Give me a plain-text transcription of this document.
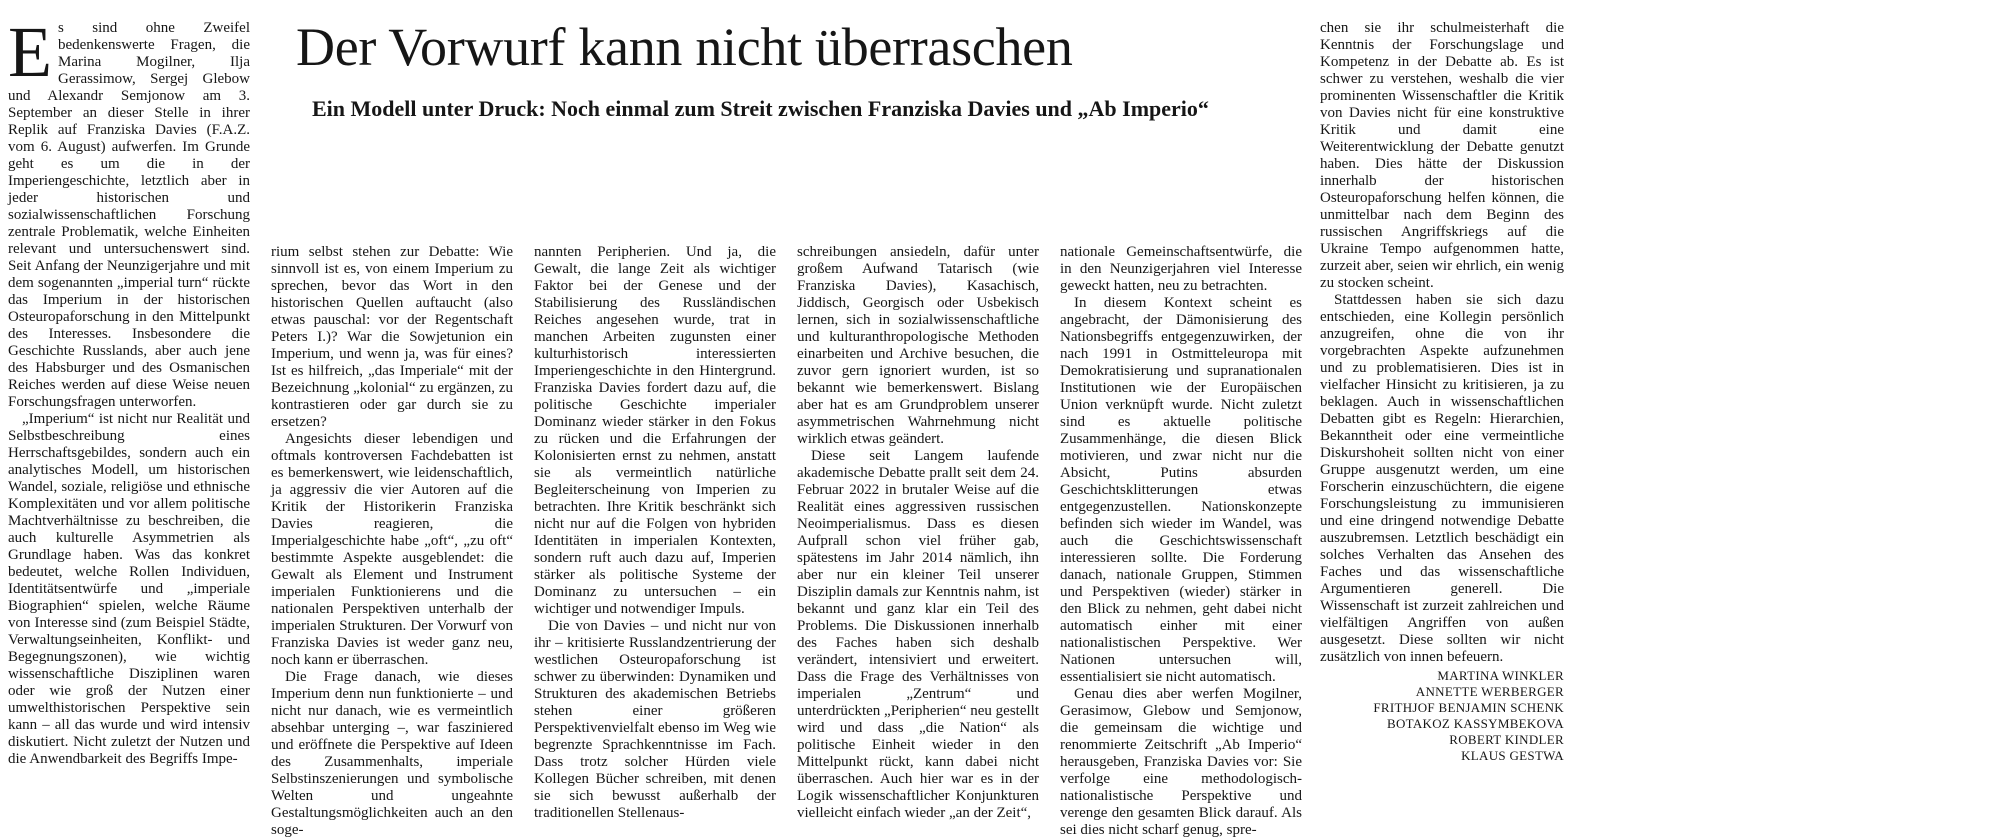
Der Vorwurf kann nicht überraschen
Ein Modell unter Druck: Noch einmal zum Streit zwischen Franziska Davies und „Ab Imperio“
E s sind ohne Zweifel bedenkenswerte Fragen, die Marina Mogilner, Ilja Gerassimow, Sergej Glebow und Alexandr Semjonow am 3. September an dieser Stelle in ihrer Replik auf Franziska Davies (F.A.Z. vom 6. August) aufwerfen. Im Grunde geht es um die in der Imperiengeschichte, letztlich aber in jeder historischen und sozialwissenschaftlichen Forschung zentrale Problematik, welche Einheiten relevant und untersuchenswert sind. Seit Anfang der Neunzigerjahre und mit dem sogenannten „imperial turn“ rückte das Imperium in der historischen Osteuropaforschung in den Mittelpunkt des Interesses. Insbesondere die Geschichte Russlands, aber auch jene des Habsburger und des Osmanischen Reiches werden auf diese Weise neuen Forschungsfragen unterworfen.

„Imperium“ ist nicht nur Realität und Selbstbeschreibung eines Herrschaftsgebildes, sondern auch ein analytisches Modell, um historischen Wandel, soziale, religiöse und ethnische Komplexitäten und vor allem politische Machtverhältnisse zu beschreiben, die auch kulturelle Asymmetrien als Grundlage haben. Was das konkret bedeutet, welche Rollen Individuen, Identitätsentwürfe und „imperiale Biographien“ spielen, welche Räume von Interesse sind (zum Beispiel Städte, Verwaltungseinheiten, Konflikt- und Begegnungszonen), wie wichtig wissenschaftliche Disziplinen waren oder wie groß der Nutzen einer umwelthistorischen Perspektive sein kann – all das wurde und wird intensiv diskutiert. Nicht zuletzt der Nutzen und die Anwendbarkeit des Begriffs Impe-

rium selbst stehen zur Debatte: Wie sinnvoll ist es, von einem Imperium zu sprechen, bevor das Wort in den historischen Quellen auftaucht (also etwas pauschal: vor der Regentschaft Peters I.)? War die Sowjetunion ein Imperium, und wenn ja, was für eines? Ist es hilfreich, „das Imperiale“ mit der Bezeichnung „kolonial“ zu ergänzen, zu kontrastieren oder gar durch sie zu ersetzen?

Angesichts dieser lebendigen und oftmals kontroversen Fachdebatten ist es bemerkenswert, wie leidenschaftlich, ja aggressiv die vier Autoren auf die Kritik der Historikerin Franziska Davies reagieren, die Imperialgeschichte habe „oft“, „zu oft“ bestimmte Aspekte ausgeblendet: die Gewalt als Element und Instrument imperialen Funktionierens und die nationalen Perspektiven unterhalb der imperialen Strukturen. Der Vorwurf von Franziska Davies ist weder ganz neu, noch kann er überraschen.

Die Frage danach, wie dieses Imperium denn nun funktionierte – und nicht nur danach, wie es vermeintlich absehbar unterging –, war fasziniered und eröffnete die Perspektive auf Ideen des Zusammenhalts, imperiale Selbstinszenierungen und symbolische Welten und ungeahnte Gestaltungsmöglichkeiten auch an den soge-

nannten Peripherien. Und ja, die Gewalt, die lange Zeit als wichtiger Faktor bei der Genese und der Stabilisierung des Russländischen Reiches angesehen wurde, trat in manchen Arbeiten zugunsten einer kulturhistorisch interessierten Imperiengeschichte in den Hintergrund. Franziska Davies fordert dazu auf, die politische Geschichte imperialer Dominanz wieder stärker in den Fokus zu rücken und die Erfahrungen der Kolonisierten ernst zu nehmen, anstatt sie als vermeintlich natürliche Begleiterscheinung von Imperien zu betrachten. Ihre Kritik beschränkt sich nicht nur auf die Folgen von hybriden Identitäten in imperialen Kontexten, sondern ruft auch dazu auf, Imperien stärker als politische Systeme der Dominanz zu untersuchen – ein wichtiger und notwendiger Impuls.

Die von Davies – und nicht nur von ihr – kritisierte Russlandzentrierung der westlichen Osteuropaforschung ist schwer zu überwinden: Dynamiken und Strukturen des akademischen Betriebs stehen einer größeren Perspektivenvielfalt ebenso im Weg wie begrenzte Sprachkenntnisse im Fach. Dass trotz solcher Hürden viele Kollegen Bücher schreiben, mit denen sie sich bewusst außerhalb der traditionellen Stellenaus-

schreibungen ansiedeln, dafür unter großem Aufwand Tatarisch (wie Franziska Davies), Kasachisch, Jiddisch, Georgisch oder Usbekisch lernen, sich in sozialwissenschaftliche und kulturanthropologische Methoden einarbeiten und Archive besuchen, die zuvor gern ignoriert wurden, ist so bekannt wie bemerkenswert. Bislang aber hat es am Grundproblem unserer asymmetrischen Wahrnehmung nicht wirklich etwas geändert.

Diese seit Langem laufende akademische Debatte prallt seit dem 24. Februar 2022 in brutaler Weise auf die Realität eines aggressiven russischen Neoimperialismus. Dass es diesen Aufprall schon viel früher gab, spätestens im Jahr 2014 nämlich, ihn aber nur ein kleiner Teil unserer Disziplin damals zur Kenntnis nahm, ist bekannt und ganz klar ein Teil des Problems. Die Diskussionen innerhalb des Faches haben sich deshalb verändert, intensiviert und erweitert. Dass die Frage des Verhältnisses von imperialen „Zentrum“ und unterdrückten „Peripherien“ neu gestellt wird und dass „die Nation“ als politische Einheit wieder in den Mittelpunkt rückt, kann dabei nicht überraschen. Auch hier war es in der Logik wissenschaftlicher Konjunkturen vielleicht einfach wieder „an der Zeit“,

nationale Gemeinschaftsentwürfe, die in den Neunzigerjahren viel Interesse geweckt hatten, neu zu betrachten.

In diesem Kontext scheint es angebracht, der Dämonisierung des Nationsbegriffs entgegenzuwirken, der nach 1991 in Ostmitteleuropa mit Demokratisierung und supranationalen Institutionen wie der Europäischen Union verknüpft wurde. Nicht zuletzt sind es aktuelle politische Zusammenhänge, die diesen Blick motivieren, und zwar nicht nur die Absicht, Putins absurden Geschichtsklitterungen etwas entgegenzustellen. Nationskonzepte befinden sich wieder im Wandel, was auch die Geschichtswissenschaft interessieren sollte. Die Forderung danach, nationale Gruppen, Stimmen und Perspektiven (wieder) stärker in den Blick zu nehmen, geht dabei nicht automatisch einher mit einer nationalistischen Perspektive. Wer Nationen untersuchen will, essentialisiert sie nicht automatisch.

Genau dies aber werfen Mogilner, Gerasimow, Glebow und Semjonow, die gemeinsam die wichtige und renommierte Zeitschrift „Ab Imperio“ herausgeben, Franziska Davies vor: Sie verfolge eine methodologisch-nationalistische Perspektive und verenge den gesamten Blick darauf. Als sei dies nicht scharf genug, spre-

chen sie ihr schulmeisterhaft die Kenntnis der Forschungslage und Kompetenz in der Debatte ab. Es ist schwer zu verstehen, weshalb die vier prominenten Wissenschaftler die Kritik von Davies nicht für eine konstruktive Kritik und damit eine Weiterentwicklung der Debatte genutzt haben. Dies hätte der Diskussion innerhalb der historischen Osteuropaforschung helfen können, die unmittelbar nach dem Beginn des russischen Angriffskriegs auf die Ukraine Tempo aufgenommen hatte, zurzeit aber, seien wir ehrlich, ein wenig zu stocken scheint.

Stattdessen haben sie sich dazu entschieden, eine Kollegin persönlich anzugreifen, ohne die von ihr vorgebrachten Aspekte aufzunehmen und zu problematisieren. Dies ist in vielfacher Hinsicht zu kritisieren, ja zu beklagen. Auch in wissenschaftlichen Debatten gibt es Regeln: Hierarchien, Bekanntheit oder eine vermeintliche Diskurshoheit sollten nicht von einer Gruppe ausgenutzt werden, um eine Forscherin einzuschüchtern, die eigene Forschungsleistung zu immunisieren und eine dringend notwendige Debatte auszubremsen. Letztlich beschädigt ein solches Verhalten das Ansehen des Faches und das wissenschaftliche Argumentieren generell. Die Wissenschaft ist zurzeit zahlreichen und vielfältigen Angriffen von außen ausgesetzt. Diese sollten wir nicht zusätzlich von innen befeuern.

MARTINA WINKLER
ANNETTE WERBERGER
FRITHJOF BENJAMIN SCHENK
BOTAKOZ KASSYMBEKOVA
ROBERT KINDLER
KLAUS GESTWA
